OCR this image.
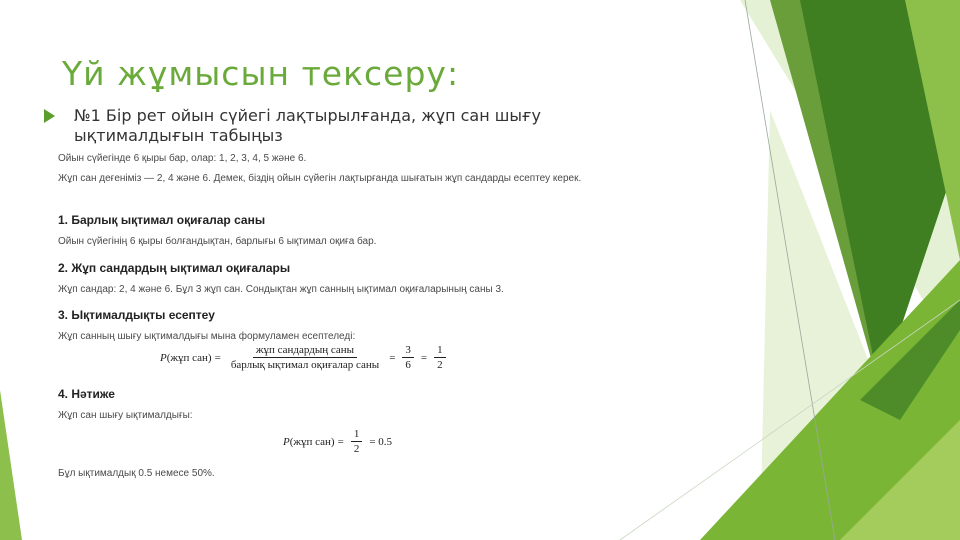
Үй жұмысын тексеру:
№1 Бір рет ойын сүйегі лақтырылғанда, жұп сан шығу ықтималдығын табыңыз
Ойын сүйегінде 6 қыры бар, олар: 1, 2, 3, 4, 5 және 6.
Жұп сан деғеніміз — 2, 4 және 6. Демек, біздің ойын сүйегін лақтырғанда шығатын жұп сандарды есептеу керек.
1. Барлық ықтимал оқиғалар саны
Ойын сүйегінің 6 қыры болғандықтан, барлығы 6 ықтимал оқиға бар.
2. Жұп сандардың ықтимал оқиғалары
Жұп сандар: 2, 4 және 6. Бұл 3 жұп сан. Сондықтан жұп санның ықтимал оқиғаларының саны 3.
3. Ықтималдықты есептеу
Жұп санның шығу ықтималдығы мына формуламен есептеледі:
P (жұп $сан) = \frac{\text{жұп сандардың саны}}{\text{барлық ықтимал оқиғалар саны}} = \frac{3}{6} = \frac{1}{2}$
4. Нәтиже
Жұп сан шығу ықтималдығы:
P (жұп $сан) = \frac{1}{2} = 0.5$
Бұл ықтималдық 0.5 немесе 50%.
